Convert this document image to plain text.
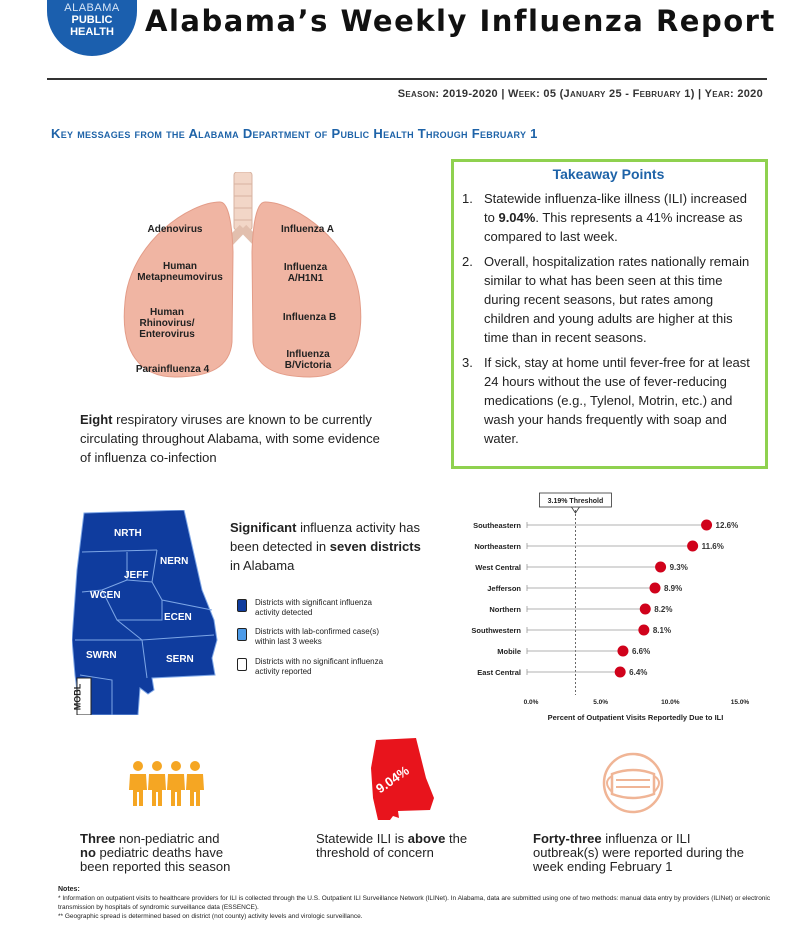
ALABAMA
PUBLIC
HEALTH	Alabama’s Weekly Influenza Report
Season: 2019-2020 | Week: 05 (January 25 - February 1) | Year: 2020
Key messages from the Alabama Department of Public Health Through February 1
Adenovirus
Human Metapneumovirus
Human Rhinovirus/ Enterovirus
Parainfluenza 4
Influenza A
Influenza A/H1N1
Influenza B
Influenza B/Victoria
Eight respiratory viruses are known to be currently circulating throughout Alabama, with some evidence of influenza co-infection
Takeaway Points
1. Statewide influenza-like illness (ILI) increased to 9.04%. This represents a 41% increase as compared to last week.
2. Overall, hospitalization rates nationally remain similar to what has been seen at this time during recent seasons, but rates among children and young adults are higher at this time than in recent seasons.
3. If sick, stay at home until fever-free for at least 24 hours without the use of fever-reducing medications (e.g., Tylenol, Motrin, etc.) and wash your hands frequently with soap and water.
NRTH
NERN
JEFF
WCEN
ECEN
SWRN	SERN
MOBL
Significant influenza activity has been detected in seven districts in Alabama
Districts with significant influenza activity detected
Districts with lab-confirmed case(s) within last 3 weeks
Districts with no significant influenza activity reported
3.19% Threshold
Southeastern	12.6%
Northeastern	11.6%
West Central	9.3%
Jefferson	8.9%
Northern	8.2%
Southwestern	8.1%
Mobile	6.6%
East Central	6.4%
0.0%	5.0%	10.0%	15.0%
Percent of Outpatient Visits Reportedly Due to ILI
Three non-pediatric and
no pediatric deaths have been reported this season
9.04%
Statewide ILI is above the threshold of concern
Forty-three influenza or ILI outbreak(s) were reported during the week ending February 1
Notes:
* Information on outpatient visits to healthcare providers for ILI is collected through the U.S. Outpatient ILI Surveillance Network (ILINet). In Alabama, data are submitted using one of two methods: manual data entry by providers (ILINet) or electronic transmission by hospitals of syndromic surveillance data (ESSENCE).
** Geographic spread is determined based on district (not county) activity levels and virologic surveillance.
